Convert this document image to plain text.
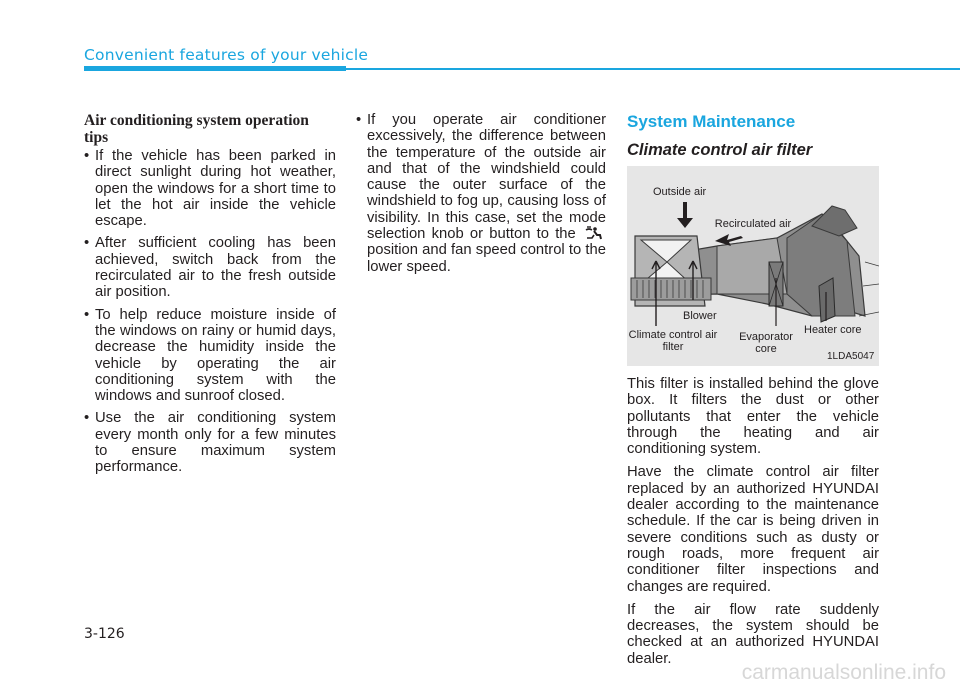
Convenient features of your vehicle
Air conditioning system operation tips
• If the vehicle has been parked in direct sunlight during hot weather, open the windows for a short time to let the hot air inside the vehicle escape.
• After sufficient cooling has been achieved, switch back from the recirculated air to the fresh outside air position.
• To help reduce moisture inside of the windows on rainy or humid days, decrease the humidity inside the vehicle by operating the air conditioning system with the windows and sunroof closed.
• Use the air conditioning system every month only for a few minutes to ensure maximum system performance.
• If you operate air conditioner excessively, the difference between the temperature of the outside air and that of the windshield could cause the outer surface of the windshield to fog up, causing loss of visibility. In this case, set the mode selection knob or button to the  position and fan speed control to the lower speed.
System Maintenance
Climate control air filter
Outside air
Recirculated air
Blower
Climate control air filter
Evaporator core
Heater core
1LDA5047

This filter is installed behind the glove box. It filters the dust or other pollutants that enter the vehicle through the heating and air conditioning system.

Have the climate control air filter replaced by an authorized HYUNDAI dealer according to the maintenance schedule. If the car is being driven in severe conditions such as dusty or rough roads, more frequent air conditioner filter inspections and changes are required.

If the air flow rate suddenly decreases, the system should be checked at an authorized HYUNDAI dealer.

3-126
carmanualsonline.info
